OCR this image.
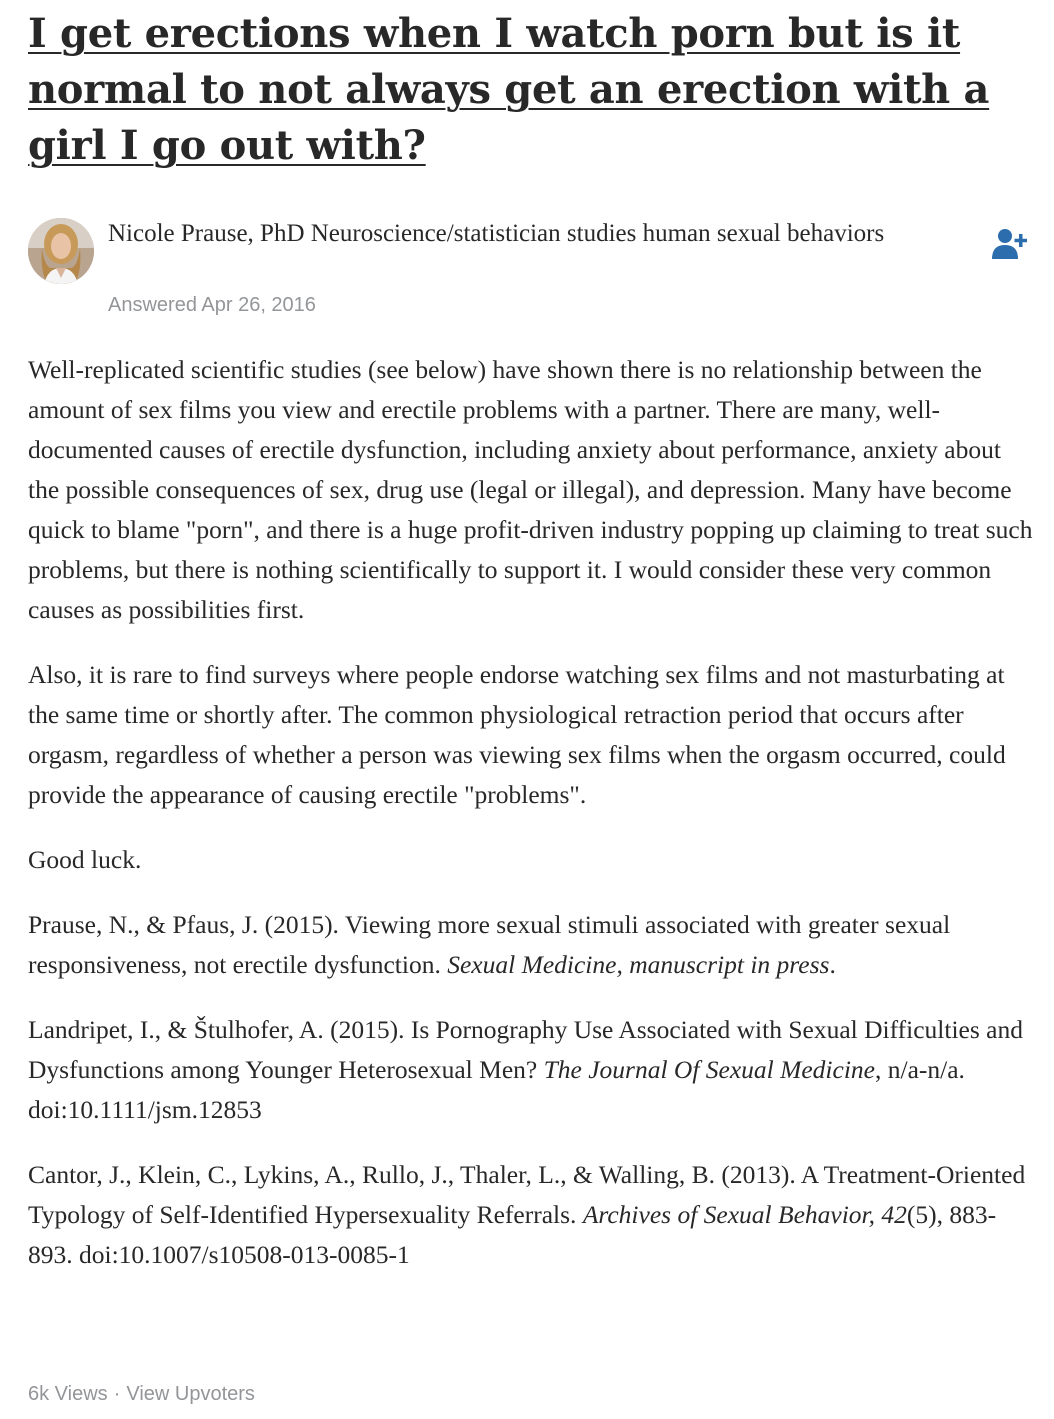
I get erections when I watch porn but is it normal to not always get an erection with a girl I go out with?
Nicole Prause, PhD Neuroscience/statistician studies human sexual behaviors
Answered Apr 26, 2016

Well-replicated scientific studies (see below) have shown there is no relationship between the amount of sex films you view and erectile problems with a partner. There are many, well-documented causes of erectile dysfunction, including anxiety about performance, anxiety about the possible consequences of sex, drug use (legal or illegal), and depression. Many have become quick to blame "porn", and there is a huge profit-driven industry popping up claiming to treat such problems, but there is nothing scientifically to support it. I would consider these very common causes as possibilities first.

Also, it is rare to find surveys where people endorse watching sex films and not masturbating at the same time or shortly after. The common physiological retraction period that occurs after orgasm, regardless of whether a person was viewing sex films when the orgasm occurred, could provide the appearance of causing erectile "problems".

Good luck.

Prause, N., & Pfaus, J. (2015). Viewing more sexual stimuli associated with greater sexual responsiveness, not erectile dysfunction. Sexual Medicine, manuscript in press.

Landripet, I., & Štulhofer, A. (2015). Is Pornography Use Associated with Sexual Difficulties and Dysfunctions among Younger Heterosexual Men? The Journal Of Sexual Medicine, n/a-n/a. doi:10.1111/jsm.12853

Cantor, J., Klein, C., Lykins, A., Rullo, J., Thaler, L., & Walling, B. (2013). A Treatment-Oriented Typology of Self-Identified Hypersexuality Referrals. Archives of Sexual Behavior, 42(5), 883-893. doi:10.1007/s10508-013-0085-1

6k Views · View Upvoters
